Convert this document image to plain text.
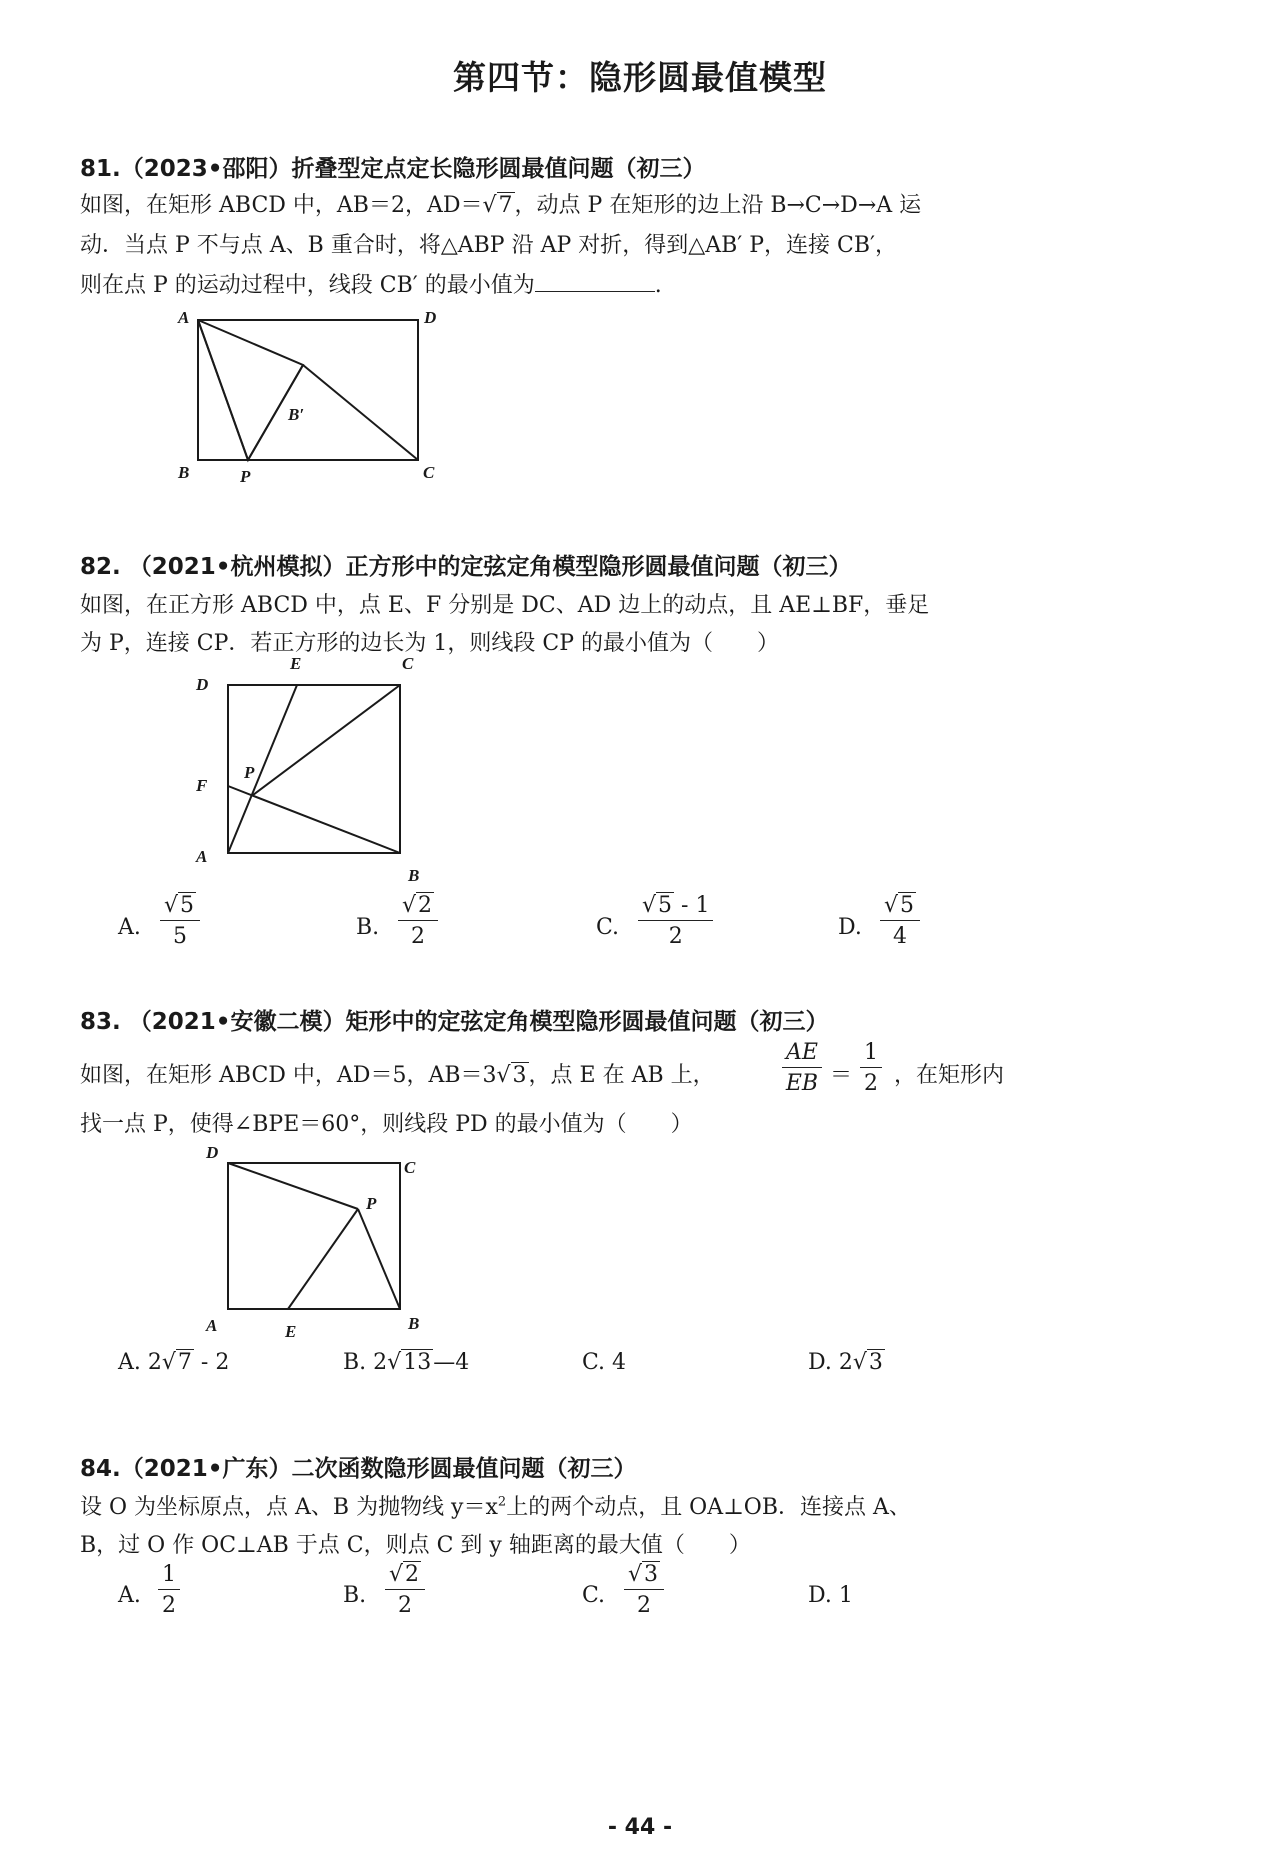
第四节：隐形圆最值模型
81.（2023•邵阳）折叠型定点定长隐形圆最值问题（初三）
如图，在矩形 ABCD 中，AB＝2，AD＝√7，动点 P 在矩形的边上沿 B→C→D→A 运
动．当点 P 不与点 A、B 重合时，将△ABP 沿 AP 对折，得到△AB′ P，连接 CB′，
则在点 P 的运动过程中，线段 CB′ 的最小值为	.
A	D
B	P	C
B′
82. （2021•杭州模拟）正方形中的定弦定角模型隐形圆最值问题（初三）
如图，在正方形 ABCD 中，点 E、F 分别是 DC、AD 边上的动点，且 AE⊥BF，垂足
为 P，连接 CP．若正方形的边长为 1，则线段 CP 的最小值为（　　）
D
E	C
F
P
A
B
A. $\frac{√5}{5}$	B. $\frac{√2}{2}$	C. $\frac{√5 - 1}{2}$	D. $\frac{√5}{4}$
83. （2021•安徽二模）矩形中的定弦定角模型隐形圆最值问题（初三）
如图，在矩形 ABCD 中，AD＝5，AB＝3√3，点 E 在 AB 上，	$\frac{AE}{EB} = \frac{1}{2}$ ，在矩形内
找一点 P，使得∠BPE＝60°，则线段 PD 的最小值为（　　）
D
C
P
A	E	B
A. 2√7 - 2	B. 2√13—4	C. 4	D. 2√3
84.（2021•广东）二次函数隐形圆最值问题（初三）
设 O 为坐标原点，点 A、B 为抛物线 $y=x^2$上的两个动点，且 OA⊥OB．连接点 A、
B，过 O 作 OC⊥AB 于点 C，则点 C 到 y 轴距离的最大值（　　）
A. $\frac{1}{2}$	B. $\frac{√2}{2}$	C. $\frac{√3}{2}$	D. 1
- 44 -
